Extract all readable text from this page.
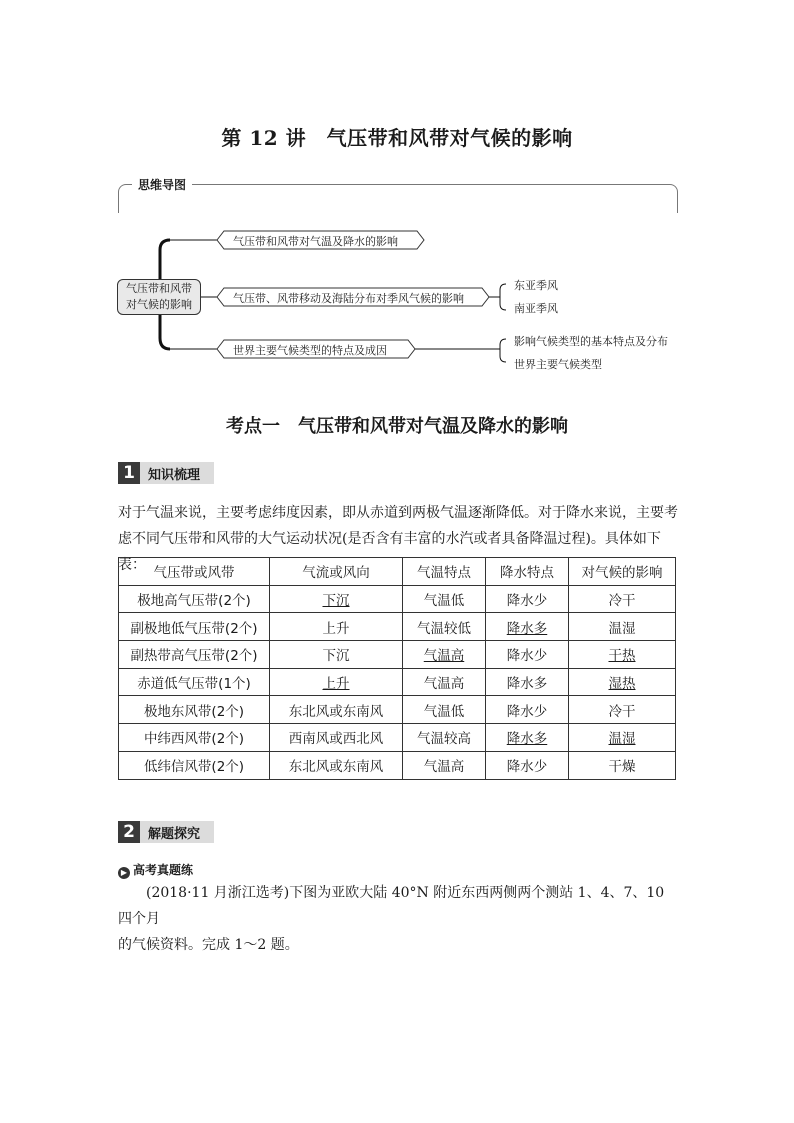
第 12 讲　气压带和风带对气候的影响
思维导图
气压带和风带
对气候的影响
气压带和风带对气温及降水的影响
气压带、风带移动及海陆分布对季风气候的影响
世界主要气候类型的特点及成因
东亚季风
南亚季风
影响气候类型的基本特点及分布
世界主要气候类型
考点一　气压带和风带对气温及降水的影响
1	知识梳理
对于气温来说，主要考虑纬度因素，即从赤道到两极气温逐渐降低。对于降水来说，主要考
虑不同气压带和风带的大气运动状况(是否含有丰富的水汽或者具备降温过程)。具体如下表：
气压带或风带	气流或风向	气温特点	降水特点	对气候的影响
极地高气压带(2个)	下沉	气温低	降水少	冷干
副极地低气压带(2个)	上升	气温较低	降水多	温湿
副热带高气压带(2个)	下沉	气温高	降水少	干热
赤道低气压带(1个)	上升	气温高	降水多	湿热
极地东风带(2个)	东北风或东南风	气温低	降水少	冷干
中纬西风带(2个)	西南风或西北风	气温较高	降水多	温湿
低纬信风带(2个)	东北风或东南风	气温高	降水少	干燥
2	解题探究
▶ 高考真题练
(2018·11 月浙江选考)下图为亚欧大陆 40°N 附近东西两侧两个测站 1、4、7、10 四个月
的气候资料。完成 1～2 题。
